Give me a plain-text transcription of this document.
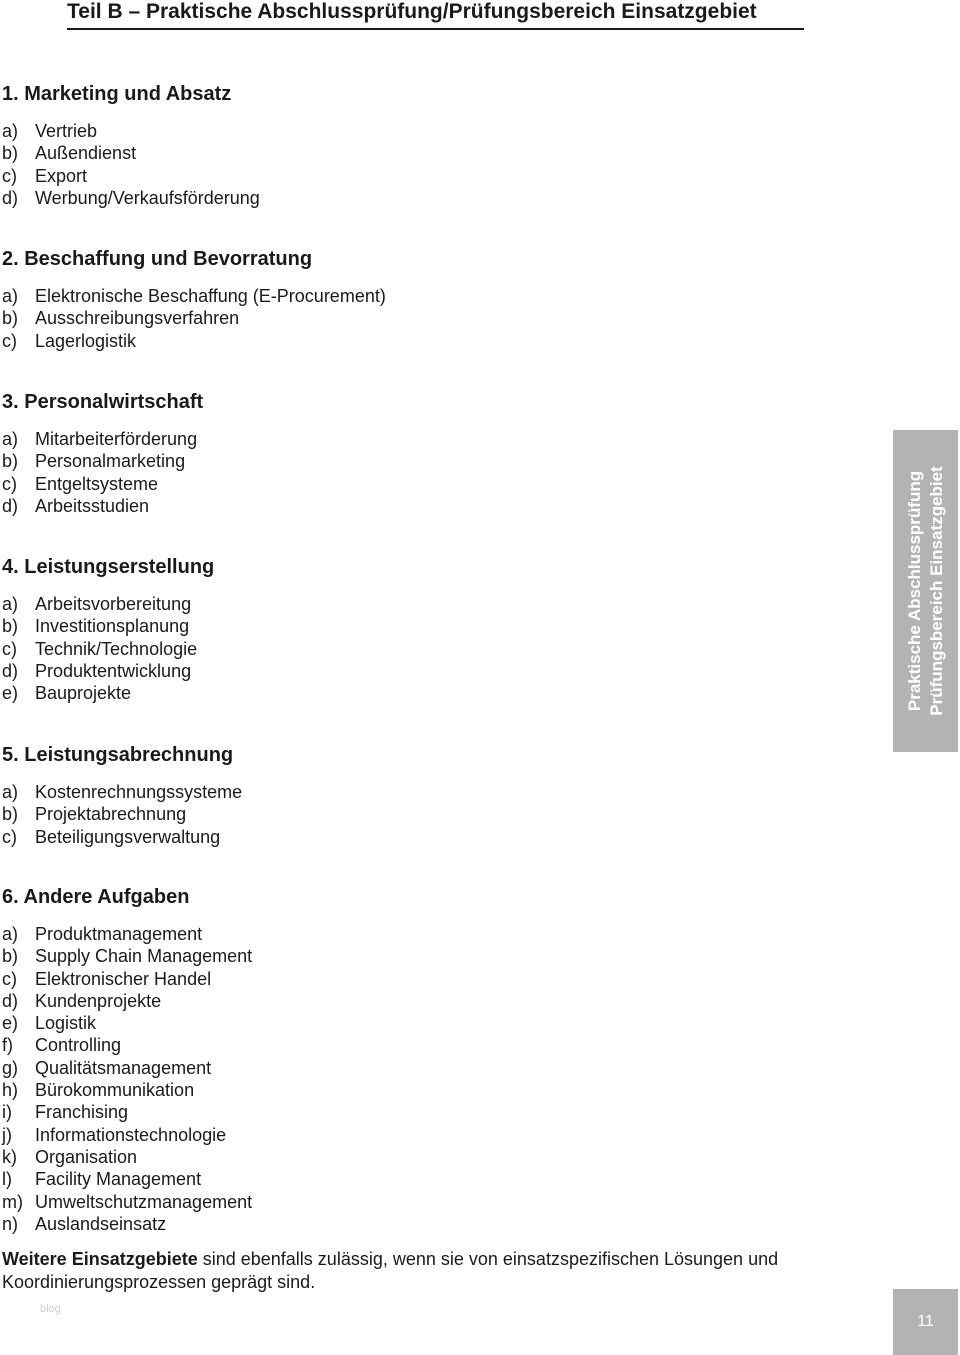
Teil B – Praktische Abschlussprüfung/Prüfungsbereich Einsatzgebiet
1. Marketing und Absatz
a) Vertrieb
b) Außendienst
c) Export
d) Werbung/Verkaufsförderung
2. Beschaffung und Bevorratung
a) Elektronische Beschaffung (E-Procurement)
b) Ausschreibungsverfahren
c) Lagerlogistik
3. Personalwirtschaft
a) Mitarbeiterförderung
b) Personalmarketing
c) Entgeltsysteme
d) Arbeitsstudien
4. Leistungserstellung
a) Arbeitsvorbereitung
b) Investitionsplanung
c) Technik/Technologie
d) Produktentwicklung
e) Bauprojekte
5. Leistungsabrechnung
a) Kostenrechnungssysteme
b) Projektabrechnung
c) Beteiligungsverwaltung
6. Andere Aufgaben
a) Produktmanagement
b) Supply Chain Management
c) Elektronischer Handel
d) Kundenprojekte
e) Logistik
f) Controlling
g) Qualitätsmanagement
h) Bürokommunikation
i) Franchising
j) Informationstechnologie
k) Organisation
l) Facility Management
m) Umweltschutzmanagement
n) Auslandseinsatz
Weitere Einsatzgebiete sind ebenfalls zulässig, wenn sie von einsatzspezifischen Lösungen und Koordinierungsprozessen geprägt sind.
Praktische Abschlussprüfung Prüfungsbereich Einsatzgebiet
11
blog
